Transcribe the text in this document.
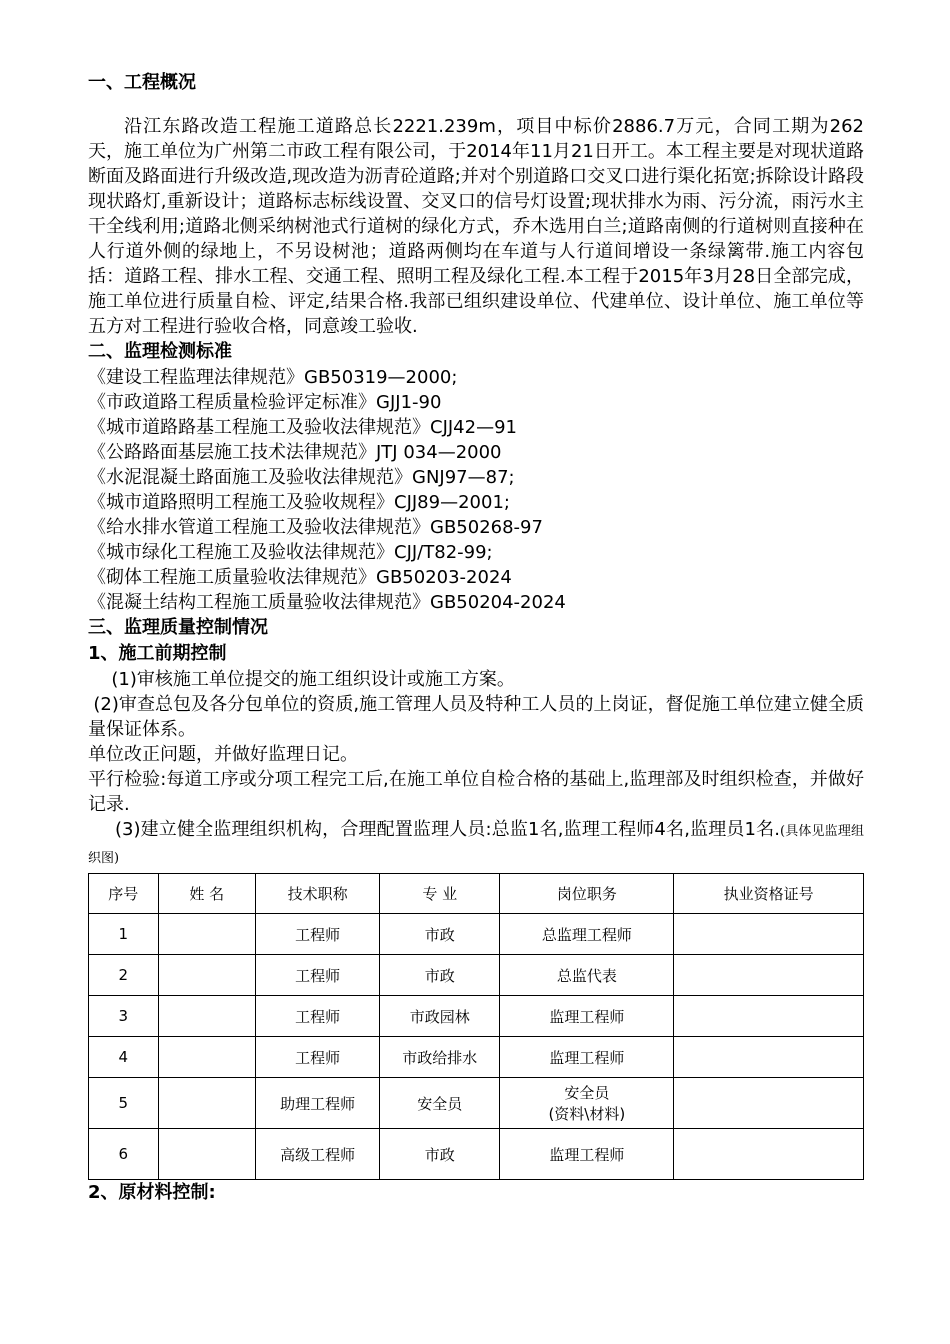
一、工程概况

沿江东路改造工程施工道路总长2221.239m，项目中标价2886.7万元，合同工期为262天，施工单位为广州第二市政工程有限公司，于2014年11月21日开工。本工程主要是对现状道路断面及路面进行升级改造,现改造为沥青砼道路;并对个别道路口交叉口进行渠化拓宽;拆除设计路段现状路灯,重新设计；道路标志标线设置、交叉口的信号灯设置;现状排水为雨、污分流，雨污水主干全线利用;道路北侧采纳树池式行道树的绿化方式，乔木选用白兰;道路南侧的行道树则直接种在人行道外侧的绿地上，不另设树池；道路两侧均在车道与人行道间增设一条绿篱带.施工内容包括：道路工程、排水工程、交通工程、照明工程及绿化工程.本工程于2015年3月28日全部完成，施工单位进行质量自检、评定,结果合格.我部已组织建设单位、代建单位、设计单位、施工单位等五方对工程进行验收合格，同意竣工验收.

二、监理检测标准

《建设工程监理法律规范》GB50319—2000;

《市政道路工程质量检验评定标准》GJJ1-90

《城市道路路基工程施工及验收法律规范》CJJ42—91

《公路路面基层施工技术法律规范》JTJ 034—2000

《水泥混凝土路面施工及验收法律规范》GNJ97—87;

《城市道路照明工程施工及验收规程》CJJ89—2001;

《给水排水管道工程施工及验收法律规范》GB50268-97

《城市绿化工程施工及验收法律规范》CJJ/T82-99;

《砌体工程施工质量验收法律规范》GB50203-2024

《混凝土结构工程施工质量验收法律规范》GB50204-2024

三、监理质量控制情况

1、施工前期控制

(1)审核施工单位提交的施工组织设计或施工方案。

(2)审查总包及各分包单位的资质,施工管理人员及特种工人员的上岗证，督促施工单位建立健全质量保证体系。

单位改正问题，并做好监理日记。

平行检验:每道工序或分项工程完工后,在施工单位自检合格的基础上,监理部及时组织检查，并做好记录.

(3)建立健全监理组织机构，合理配置监理人员:总监1名,监理工程师4名,监理员1名.(具体见监理组织图)

序号	姓 名	技术职称	专 业	岗位职务	执业资格证号
1		工程师	市政	总监理工程师	
2		工程师	市政	总监代表	
3		工程师	市政园林	监理工程师	
4		工程师	市政给排水	监理工程师	
5		助理工程师	安全员	安全员
(资料\材料)	

6		高级工程师	市政	监理工程师	

2、原材料控制:
